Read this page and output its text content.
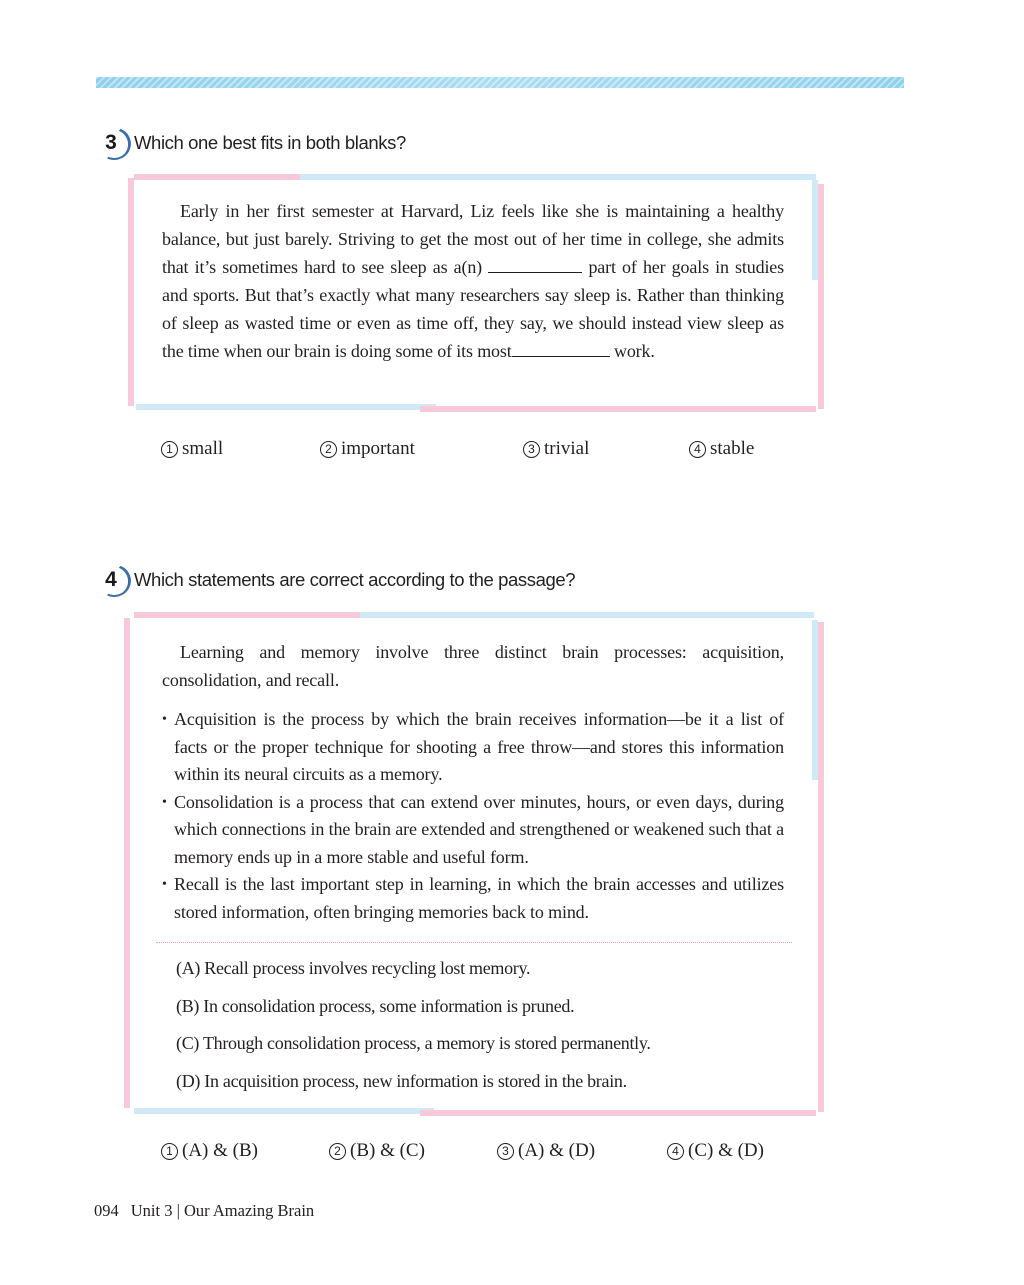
3 Which one best fits in both blanks?

Early in her first semester at Harvard, Liz feels like she is maintaining a healthy balance, but just barely. Striving to get the most out of her time in college, she admits that it’s sometimes hard to see sleep as a(n)	part of her goals in studies and sports. But that’s exactly what many researchers say sleep is. Rather than thinking of sleep as wasted time or even as time off, they say, we should instead view sleep as the time when our brain is doing some of its most	work.

1 small	2 important	3 trivial	4 stable
4 Which statements are correct according to the passage?

Learning and memory involve three distinct brain processes: acquisition, consolidation, and recall.

• Acquisition is the process by which the brain receives information—be it a list of facts or the proper technique for shooting a free throw—and stores this information within its neural circuits as a memory.
• Consolidation is a process that can extend over minutes, hours, or even days, during which connections in the brain are extended and strengthened or weakened such that a memory ends up in a more stable and useful form.
• Recall is the last important step in learning, in which the brain accesses and utilizes stored information, often bringing memories back to mind.
(A) Recall process involves recycling lost memory.
(B) In consolidation process, some information is pruned.
(C) Through consolidation process, a memory is stored permanently.
(D) In acquisition process, new information is stored in the brain.
1 (A) & (B)	2 (B) & (C)	3 (A) & (D)	4 (C) & (D)
094 Unit 3 | Our Amazing Brain
